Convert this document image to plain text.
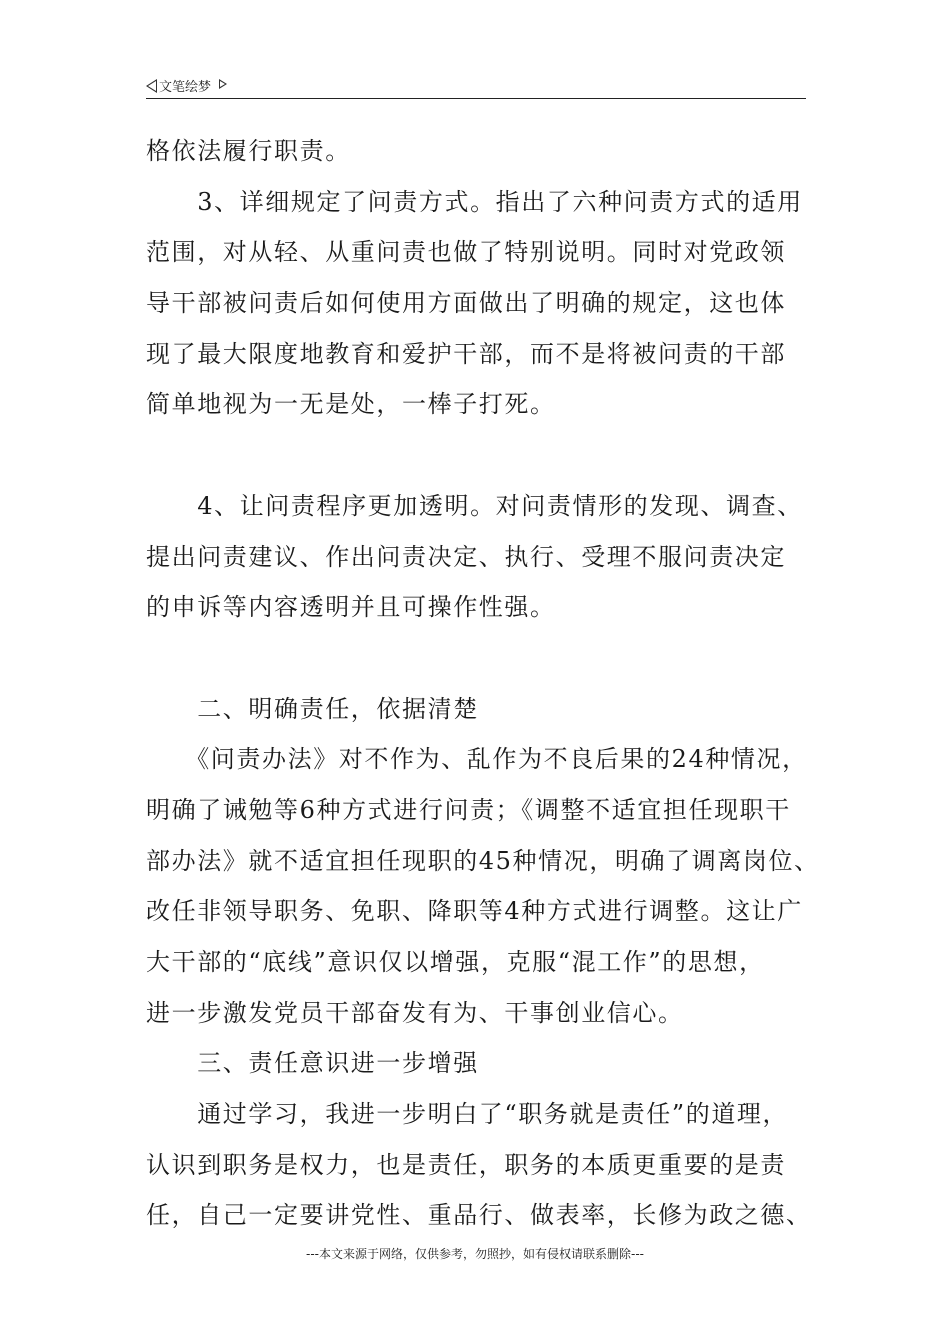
文笔绘梦
格依法履行职责。
　　3、详细规定了问责方式。指出了六种问责方式的适用
范围，对从轻、从重问责也做了特别说明。同时对党政领
导干部被问责后如何使用方面做出了明确的规定，这也体
现了最大限度地教育和爱护干部，而不是将被问责的干部
简单地视为一无是处，一棒子打死。
　　4、让问责程序更加透明。对问责情形的发现、调查、
提出问责建议、作出问责决定、执行、受理不服问责决定
的申诉等内容透明并且可操作性强。
　　二、明确责任，依据清楚
　　《问责办法》对不作为、乱作为不良后果的24种情况，
明确了诫勉等6种方式进行问责；《调整不适宜担任现职干
部办法》就不适宜担任现职的45种情况，明确了调离岗位、
改任非领导职务、免职、降职等4种方式进行调整。这让广
大干部的“底线”意识仅以增强，克服“混工作”的思想，
进一步激发党员干部奋发有为、干事创业信心。
　　三、责任意识进一步增强
　　通过学习，我进一步明白了“职务就是责任”的道理，
认识到职务是权力，也是责任，职务的本质更重要的是责
任，自己一定要讲党性、重品行、做表率，长修为政之德、
---本文来源于网络，仅供参考，勿照抄，如有侵权请联系删除---
